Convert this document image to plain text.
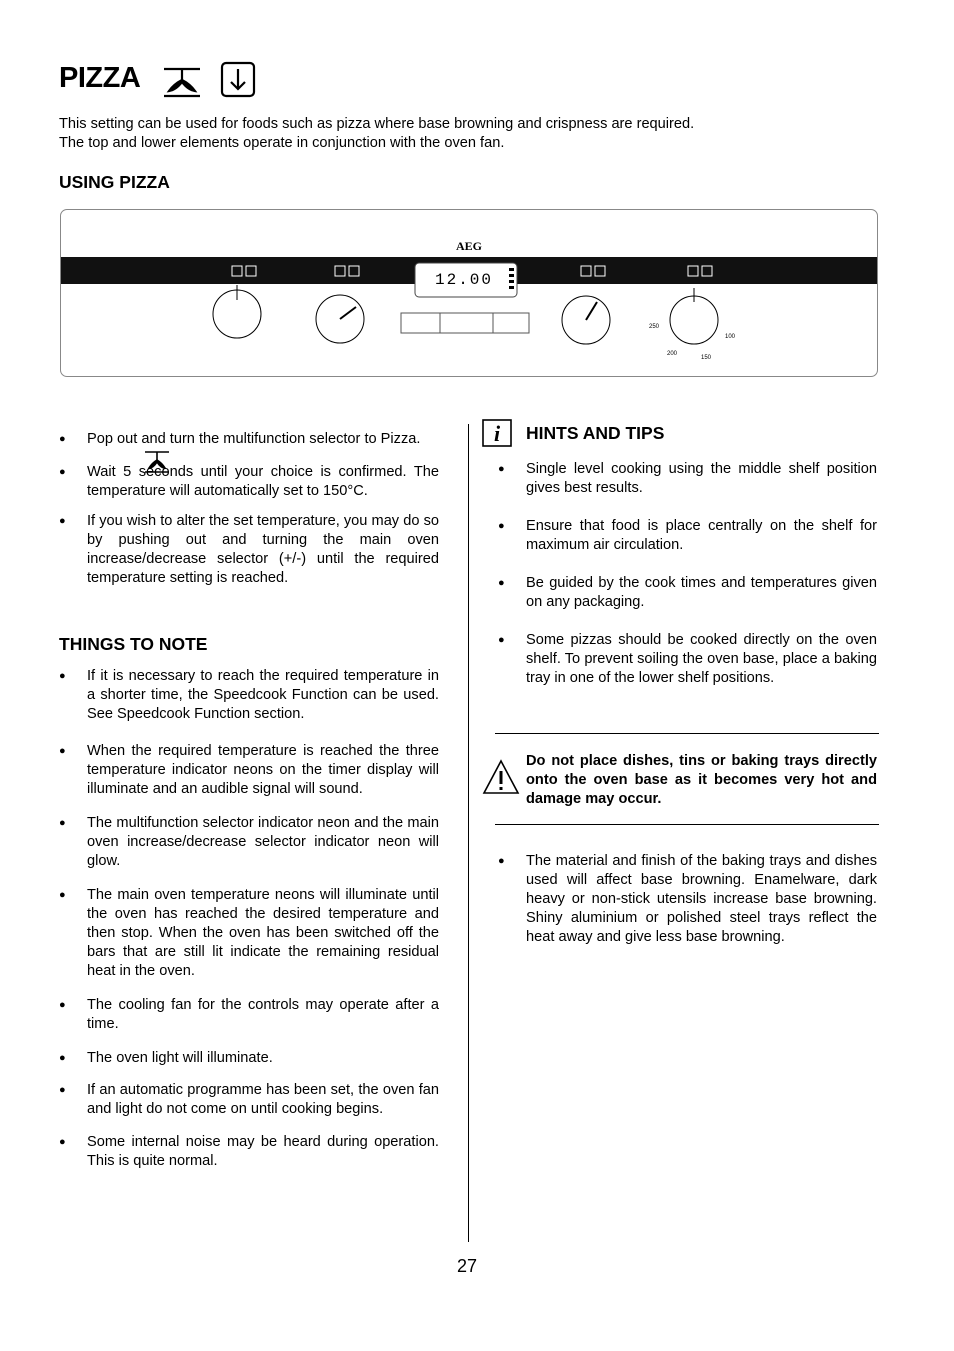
PIZZA
This setting can be used for foods such as pizza where base browning and crispness are required.
The top and lower elements operate in conjunction with the oven fan.
USING PIZZA
AEG
12.00
250
200
150
100
● Pop out and turn the multifunction selector to Pizza.
● Wait 5 seconds until your choice is confirmed. The temperature will automatically set to 150°C.
● If you wish to alter the set temperature, you may do so by pushing out and turning the main oven increase/decrease selector (+/-) until the required temperature setting is reached.
THINGS TO NOTE
● If it is necessary to reach the required temperature in a shorter time, the Speedcook Function can be used. See Speedcook Function section.
● When the required temperature is reached the three temperature indicator neons on the timer display will illuminate and an audible signal will sound.
● The multifunction selector indicator neon and the main oven increase/decrease selector indicator neon will glow.
● The main oven temperature neons will illuminate until the oven has reached the desired temperature and then stop. When the oven has been switched off the bars that are still lit indicate the remaining residual heat in the oven.
● The cooling fan for the controls may operate after a time.
● The oven light will illuminate.
● If an automatic programme has been set, the oven fan and light do not come on until cooking begins.
● Some internal noise may be heard during operation. This is quite normal.
i HINTS AND TIPS
● Single level cooking using the middle shelf position gives best results.
● Ensure that food is place centrally on the shelf for maximum air circulation.
● Be guided by the cook times and temperatures given on any packaging.
● Some pizzas should be cooked directly on the oven shelf. To prevent soiling the oven base, place a baking tray in one of the lower shelf positions.
Do not place dishes, tins or baking trays directly onto the oven base as it becomes very hot and damage may occur.
● The material and finish of the baking trays and dishes used will affect base browning. Enamelware, dark heavy or non-stick utensils increase base browning. Shiny aluminium or polished steel trays reflect the heat away and give less base browning.
27
